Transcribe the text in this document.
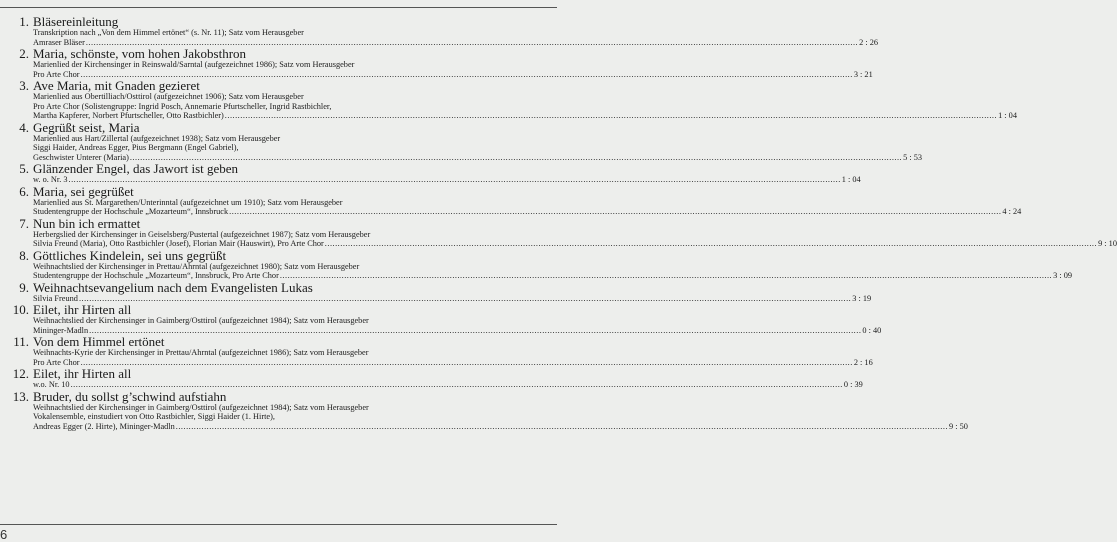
1. Bläsereinleitung
Transkription nach „Von dem Himmel ertönet“ (s. Nr. 11); Satz vom Herausgeber
Amraser Bläser ............................................................................................................................................................................................................................................................................................................ 2 : 26
2. Maria, schönste, vom hohen Jakobsthron
Marienlied der Kirchensinger in Reinswald/Sarntal (aufgezeichnet 1986); Satz vom Herausgeber
Pro Arte Chor ............................................................................................................................................................................................................................................................................................................ 3 : 21
3. Ave Maria, mit Gnaden gezieret
Marienlied aus Obertilliach/Osttirol (aufgezeichnet 1906); Satz vom Herausgeber
Pro Arte Chor (Solistengruppe: Ingrid Posch, Annemarie Pfurtscheller, Ingrid Rastbichler,
Martha Kapferer, Norbert Pfurtscheller, Otto Rastbichler) ............................................................................................................................................................................................................................................................................................................ 1 : 04
4. Gegrüßt seist, Maria
Marienlied aus Hart/Zillertal (aufgezeichnet 1938); Satz vom Herausgeber
Siggi Haider, Andreas Egger, Pius Bergmann (Engel Gabriel),
Geschwister Unterer (Maria) ............................................................................................................................................................................................................................................................................................................ 5 : 53
5. Glänzender Engel, das Jawort ist geben
w. o. Nr. 3 ............................................................................................................................................................................................................................................................................................................ 1 : 04
6. Maria, sei gegrüßet
Marienlied aus St. Margarethen/Unterinntal (aufgezeichnet um 1910); Satz vom Herausgeber
Studentengruppe der Hochschule „Mozarteum“, Innsbruck ............................................................................................................................................................................................................................................................................................................ 4 : 24
7. Nun bin ich ermattet
Herbergslied der Kirchensinger in Geiselsberg/Pustertal (aufgezeichnet 1987); Satz vom Herausgeber
Silvia Freund (Maria), Otto Rastbichler (Josef), Florian Mair (Hauswirt), Pro Arte Chor ............................................................................................................................................................................................................................................................................................................ 9 : 10
8. Göttliches Kindelein, sei uns gegrüßt
Weihnachtslied der Kirchensinger in Prettau/Ahrntal (aufgezeichnet 1980); Satz vom Herausgeber
Studentengruppe der Hochschule „Mozarteum“, Innsbruck, Pro Arte Chor ............................................................................................................................................................................................................................................................................................................ 3 : 09
9. Weihnachtsevangelium nach dem Evangelisten Lukas
Silvia Freund ............................................................................................................................................................................................................................................................................................................ 3 : 19
10. Eilet, ihr Hirten all
Weihnachtslied der Kirchensinger in Gaimberg/Osttirol (aufgezeichnet 1984); Satz vom Herausgeber
Mininger-Madln ............................................................................................................................................................................................................................................................................................................ 0 : 40
11. Von dem Himmel ertönet
Weihnachts-Kyrie der Kirchensinger in Prettau/Ahrntal (aufgezeichnet 1986); Satz vom Herausgeber
Pro Arte Chor ............................................................................................................................................................................................................................................................................................................ 2 : 16
12. Eilet, ihr Hirten all
w.o. Nr. 10 ............................................................................................................................................................................................................................................................................................................ 0 : 39
13. Bruder, du sollst g’schwind aufstiahn
Weihnachtslied der Kirchensinger in Gaimberg/Osttirol (aufgezeichnet 1984); Satz vom Herausgeber
Vokalensemble, einstudiert von Otto Rastbichler, Siggi Haider (1. Hirte),
Andreas Egger (2. Hirte), Mininger-Madln ............................................................................................................................................................................................................................................................................................................ 9 : 50
6
